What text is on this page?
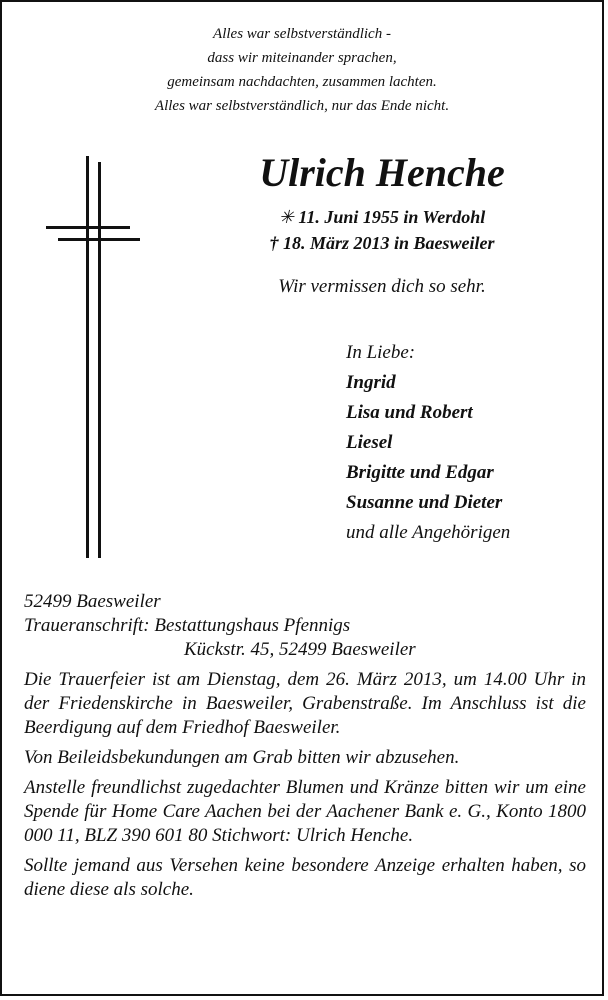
Alles war selbstverständlich -
dass wir miteinander sprachen,
gemeinsam nachdachten, zusammen lachten.
Alles war selbstverständlich, nur das Ende nicht.
Ulrich Henche
✳ 11. Juni 1955 in Werdohl
† 18. März 2013 in Baesweiler
Wir vermissen dich so sehr.
In Liebe:
Ingrid
Lisa und Robert
Liesel
Brigitte und Edgar
Susanne und Dieter
und alle Angehörigen

52499 Baesweiler

Traueranschrift: Bestattungshaus Pfennigs

Kückstr. 45, 52499 Baesweiler

Die Trauerfeier ist am Dienstag, dem 26. März 2013, um 14.00 Uhr in der Friedenskirche in Baesweiler, Grabenstraße. Im Anschluss ist die Beerdigung auf dem Friedhof Baesweiler.

Von Beileidsbekundungen am Grab bitten wir abzusehen.

Anstelle freundlichst zugedachter Blumen und Kränze bitten wir um eine Spende für Home Care Aachen bei der Aachener Bank e. G., Konto 1800 000 11, BLZ 390 601 80 Stichwort: Ulrich Henche.

Sollte jemand aus Versehen keine besondere Anzeige erhalten haben, so diene diese als solche.
